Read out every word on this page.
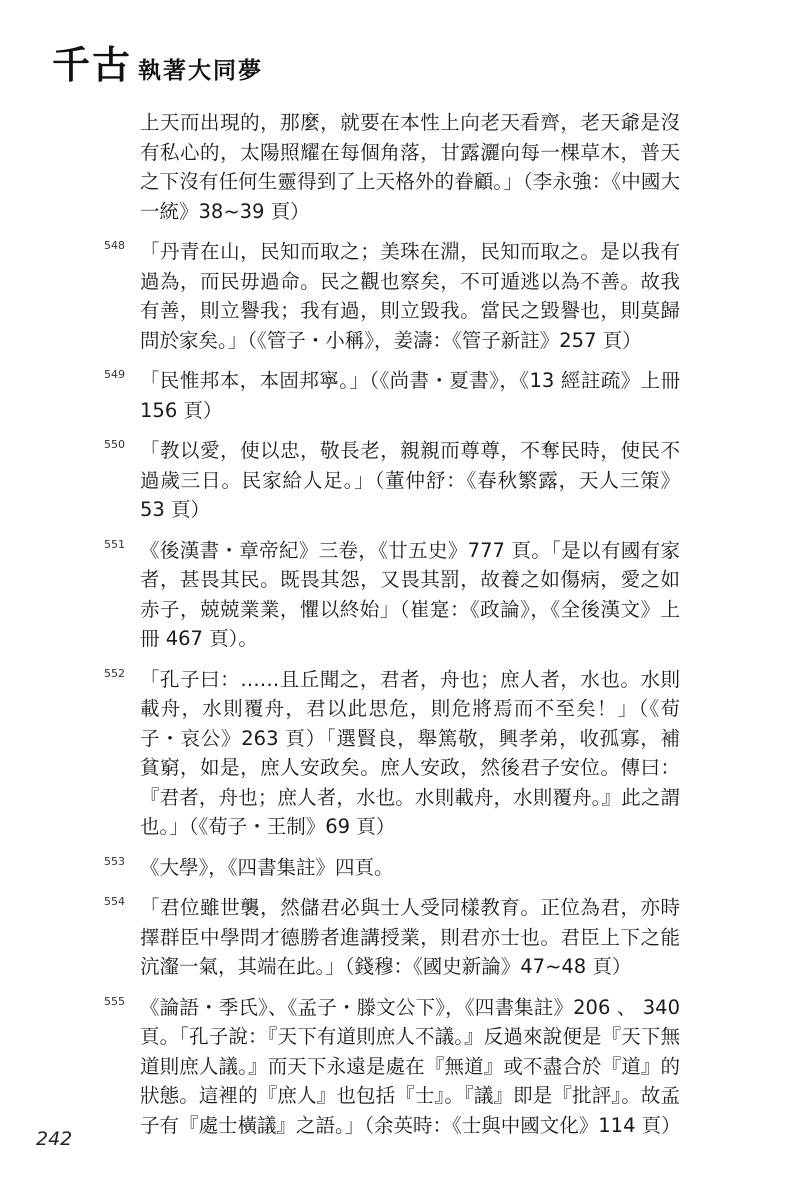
千古 執著大同夢

上天而出現的，那麼，就要在本性上向老天看齊，老天爺是沒有私心的，太陽照耀在每個角落，甘露灑向每一棵草木，普天之下沒有任何生靈得到了上天格外的眷顧。」（李永強：《中國大一統》38~39 頁）

548 「丹青在山，民知而取之；美珠在淵，民知而取之。是以我有過為，而民毋過命。民之觀也察矣，不可遁逃以為不善。故我有善，則立譽我；我有過，則立毀我。當民之毀譽也，則莫歸問於家矣。」（《管子・小稱》，姜濤：《管子新註》257 頁）

549 「民惟邦本，本固邦寧。」（《尚書・夏書》，《13 經註疏》上冊 156 頁）

550 「教以愛，使以忠，敬長老，親親而尊尊，不奪民時，使民不過歲三日。民家給人足。」（董仲舒：《春秋繁露，天人三策》53 頁）

551 《後漢書・章帝紀》三卷，《廿五史》777 頁。「是以有國有家者，甚畏其民。既畏其怨，又畏其罰，故養之如傷病，愛之如赤子，兢兢業業，懼以終始」（崔寔：《政論》，《全後漢文》上冊 467 頁）。

552 「孔子曰：……且丘聞之，君者，舟也；庶人者，水也。水則載舟，水則覆舟，君以此思危，則危將焉而不至矣！」（《荀子・哀公》263 頁）「選賢良，舉篤敬，興孝弟，收孤寡，補貧窮，如是，庶人安政矣。庶人安政，然後君子安位。傳曰：『君者，舟也；庶人者，水也。水則載舟，水則覆舟。』此之謂也。」（《荀子・王制》69 頁）

553 《大學》，《四書集註》四頁。

554 「君位雖世襲，然儲君必與士人受同樣教育。正位為君，亦時擇群臣中學問才德勝者進講授業，則君亦士也。君臣上下之能沆瀣一氣，其端在此。」（錢穆：《國史新論》47~48 頁）

555 《論語・季氏》、《孟子・滕文公下》，《四書集註》206 、 340 頁。「孔子說：『天下有道則庶人不議。』反過來說便是『天下無道則庶人議。』而天下永遠是處在『無道』或不盡合於『道』的狀態。這裡的『庶人』也包括『士』。『議』即是『批評』。故孟子有『處士橫議』之語。」（余英時：《士與中國文化》114 頁）

242
